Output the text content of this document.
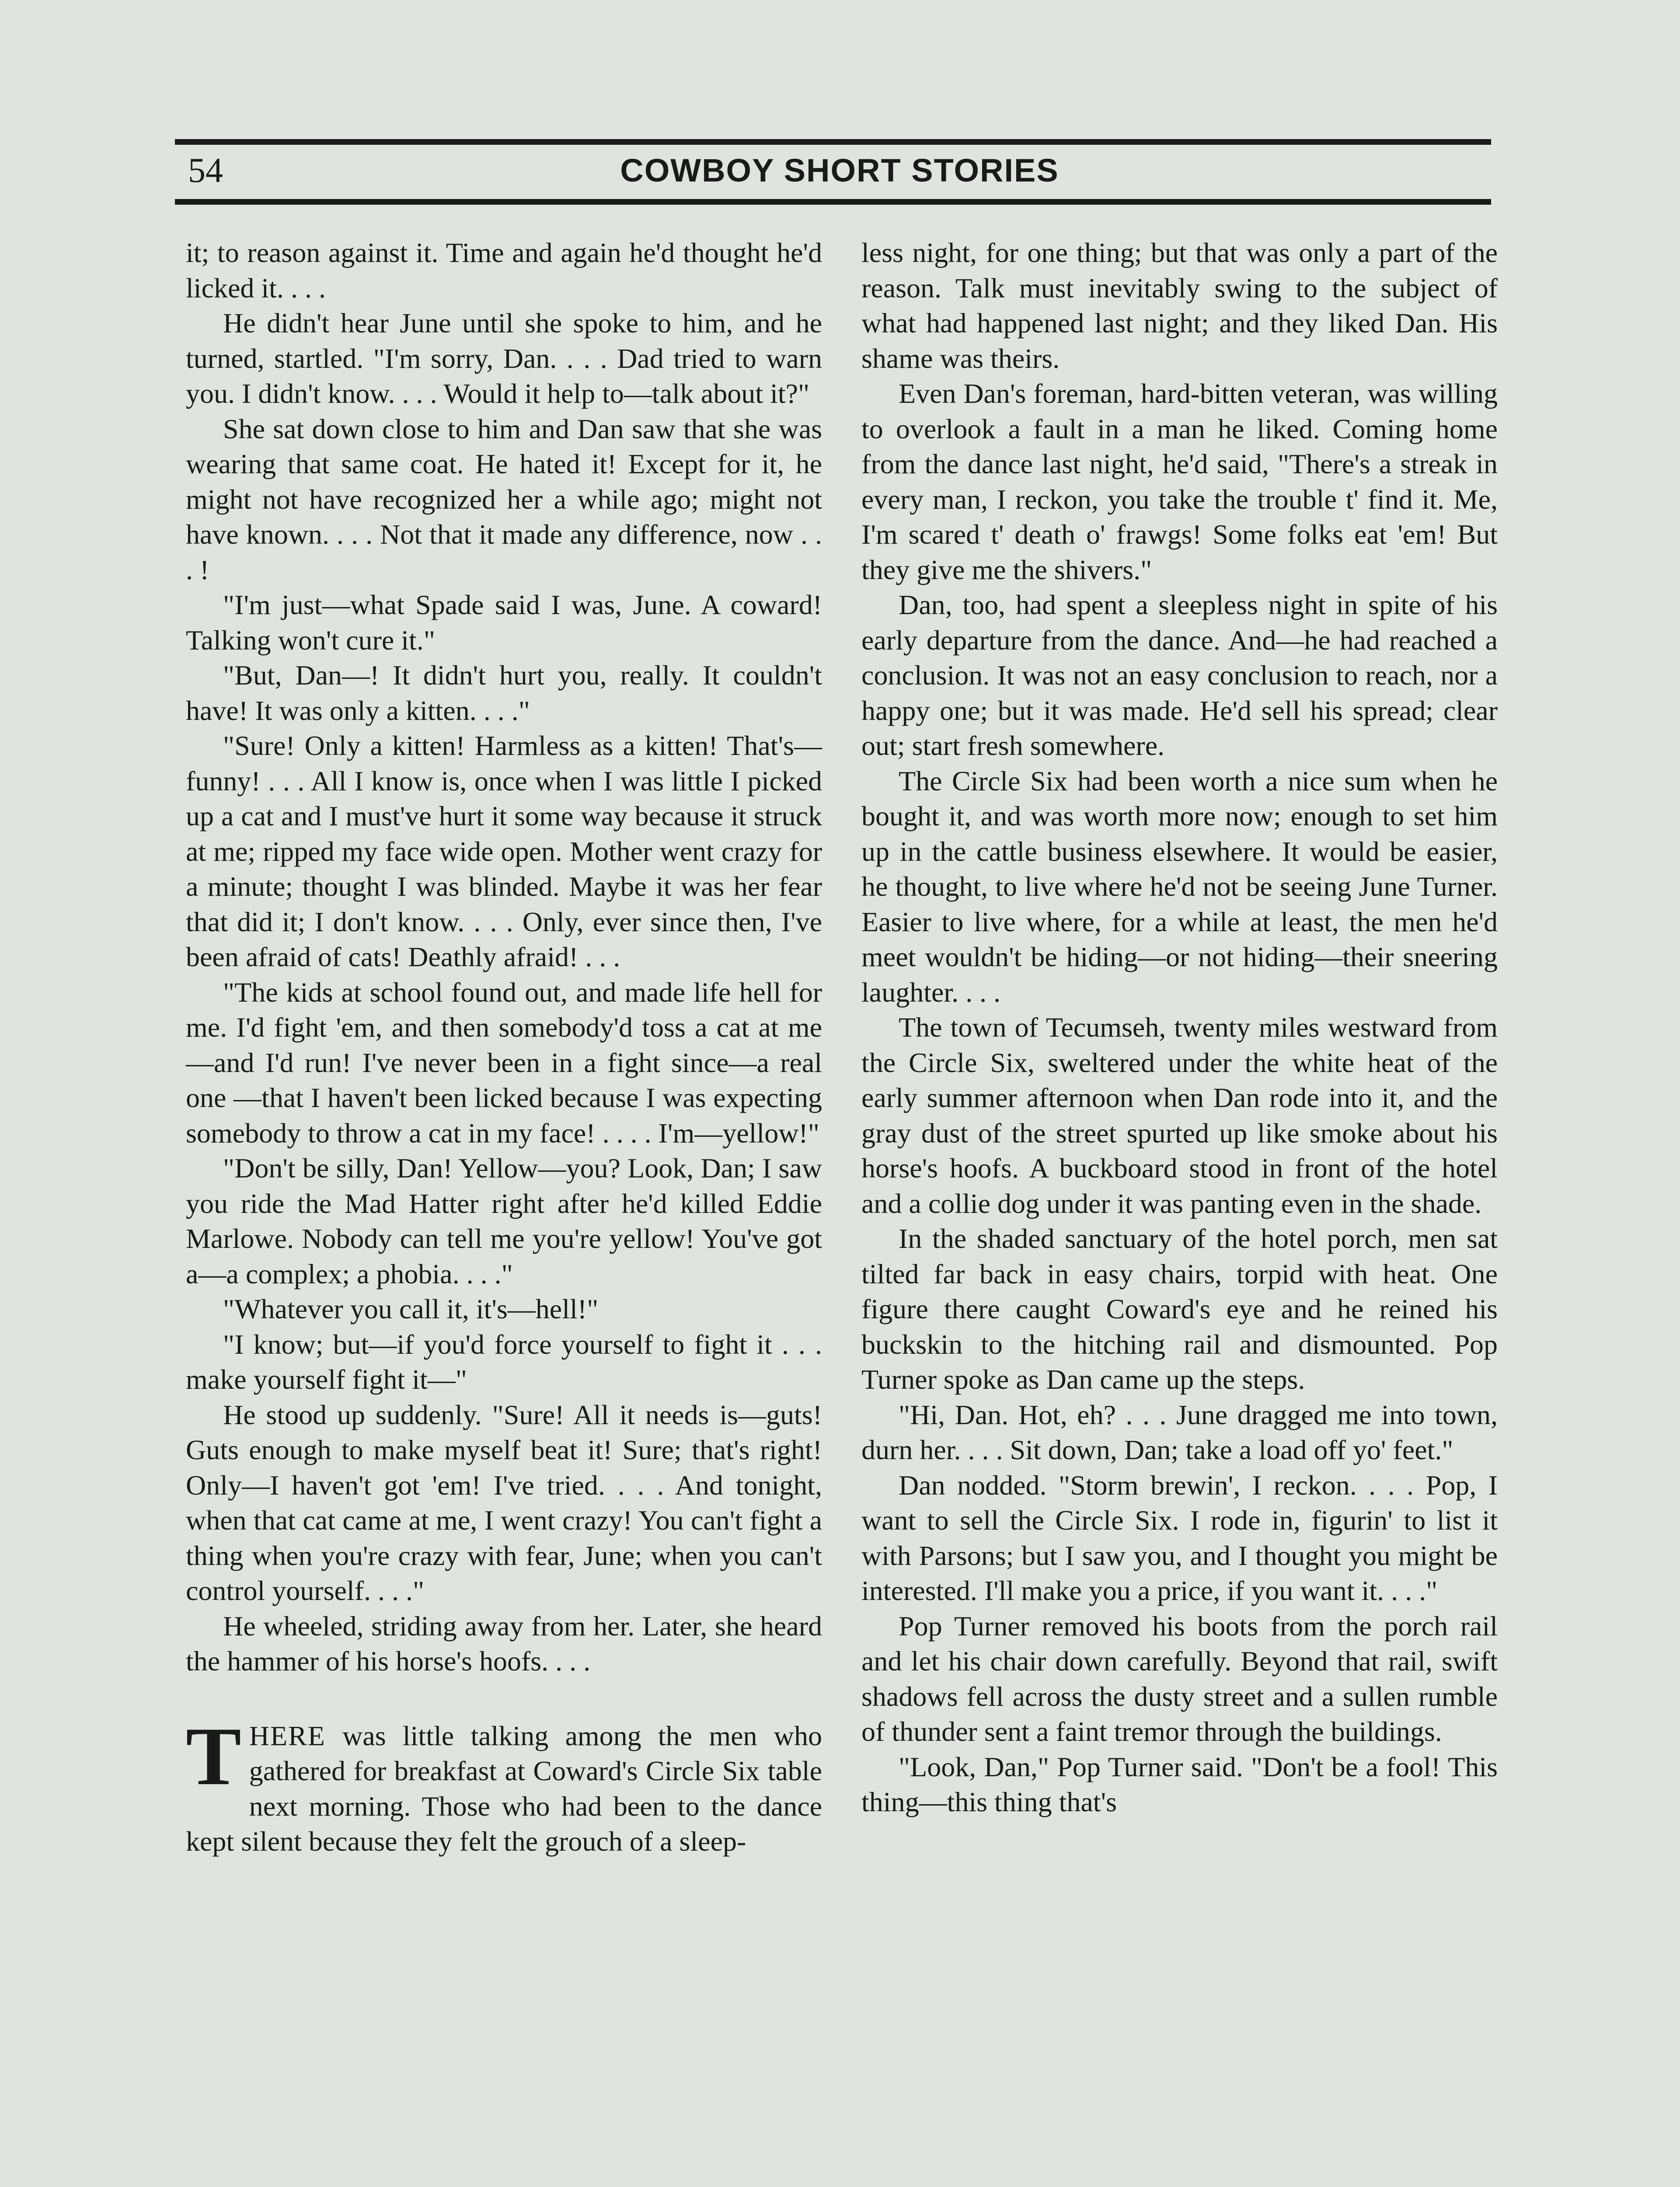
54	COWBOY SHORT STORIES

it; to reason against it. Time and again he'd thought he'd licked it. . . .

He didn't hear June until she spoke to him, and he turned, startled. "I'm sorry, Dan. . . . Dad tried to warn you. I didn't know. . . . Would it help to—talk about it?"

She sat down close to him and Dan saw that she was wearing that same coat. He hated it! Except for it, he might not have recognized her a while ago; might not have known. . . . Not that it made any difference, now . . . !

"I'm just—what Spade said I was, June. A coward! Talking won't cure it."

"But, Dan—! It didn't hurt you, really. It couldn't have! It was only a kitten. . . ."

"Sure! Only a kitten! Harmless as a kitten! That's—funny! . . . All I know is, once when I was little I picked up a cat and I must've hurt it some way because it struck at me; ripped my face wide open. Mother went crazy for a minute; thought I was blinded. Maybe it was her fear that did it; I don't know. . . . Only, ever since then, I've been afraid of cats! Deathly afraid! . . .

"The kids at school found out, and made life hell for me. I'd fight 'em, and then somebody'd toss a cat at me—and I'd run! I've never been in a fight since—a real one —that I haven't been licked because I was expecting somebody to throw a cat in my face! . . . . I'm—yellow!"

"Don't be silly, Dan! Yellow—you? Look, Dan; I saw you ride the Mad Hatter right after he'd killed Eddie Marlowe. Nobody can tell me you're yellow! You've got a—a complex; a phobia. . . ."

"Whatever you call it, it's—hell!"

"I know; but—if you'd force yourself to fight it . . . make yourself fight it—"

He stood up suddenly. "Sure! All it needs is—guts! Guts enough to make myself beat it! Sure; that's right! Only—I haven't got 'em! I've tried. . . . And tonight, when that cat came at me, I went crazy! You can't fight a thing when you're crazy with fear, June; when you can't control yourself. . . ."

He wheeled, striding away from her. Later, she heard the hammer of his horse's hoofs. . . .

THERE was little talking among the men who gathered for breakfast at Coward's Circle Six table next morning. Those who had been to the dance kept silent because they felt the grouch of a sleep-

less night, for one thing; but that was only a part of the reason. Talk must inevitably swing to the subject of what had happened last night; and they liked Dan. His shame was theirs.

Even Dan's foreman, hard-bitten veteran, was willing to overlook a fault in a man he liked. Coming home from the dance last night, he'd said, "There's a streak in every man, I reckon, you take the trouble t' find it. Me, I'm scared t' death o' frawgs! Some folks eat 'em! But they give me the shivers."

Dan, too, had spent a sleepless night in spite of his early departure from the dance. And—he had reached a conclusion. It was not an easy conclusion to reach, nor a happy one; but it was made. He'd sell his spread; clear out; start fresh somewhere.

The Circle Six had been worth a nice sum when he bought it, and was worth more now; enough to set him up in the cattle business elsewhere. It would be easier, he thought, to live where he'd not be seeing June Turner. Easier to live where, for a while at least, the men he'd meet wouldn't be hiding—or not hiding—their sneering laughter. . . .

The town of Tecumseh, twenty miles westward from the Circle Six, sweltered under the white heat of the early summer afternoon when Dan rode into it, and the gray dust of the street spurted up like smoke about his horse's hoofs. A buckboard stood in front of the hotel and a collie dog under it was panting even in the shade.

In the shaded sanctuary of the hotel porch, men sat tilted far back in easy chairs, torpid with heat. One figure there caught Coward's eye and he reined his buckskin to the hitching rail and dismounted. Pop Turner spoke as Dan came up the steps.

"Hi, Dan. Hot, eh? . . . June dragged me into town, durn her. . . . Sit down, Dan; take a load off yo' feet."

Dan nodded. "Storm brewin', I reckon. . . . Pop, I want to sell the Circle Six. I rode in, figurin' to list it with Parsons; but I saw you, and I thought you might be interested. I'll make you a price, if you want it. . . ."

Pop Turner removed his boots from the porch rail and let his chair down carefully. Beyond that rail, swift shadows fell across the dusty street and a sullen rumble of thunder sent a faint tremor through the buildings.

"Look, Dan," Pop Turner said. "Don't be a fool! This thing—this thing that's
